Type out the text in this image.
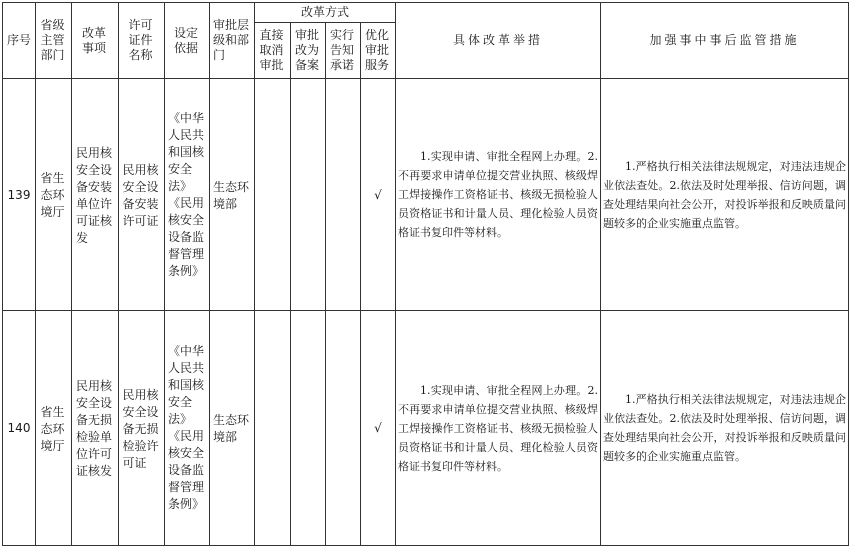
序号	省级主管部门	改革事项	许可证件名称	设定依据	审批层级和部门	改革方式				具体改革举措	加强事中事后监管措施
						直接取消审批	审批改为备案	实行告知承诺	优化审批服务		
139	省生态环境厅	民用核安全设备安装单位许可证核发	民用核安全设备安装许可证	《中华人民共和国核安全法》《民用核安全设备监督管理条例》	生态环境部				√	1.实现申请、审批全程网上办理。2.不再要求申请单位提交营业执照、核级焊工焊接操作工资格证书、核级无损检验人员资格证书和计量人员、理化检验人员资格证书复印件等材料。	1.严格执行相关法律法规规定，对违法违规企业依法查处。2.依法及时处理举报、信访问题，调查处理结果向社会公开，对投诉举报和反映质量问题较多的企业实施重点监管。
140	省生态环境厅	民用核安全设备无损检验单位许可证核发	民用核安全设备无损检验许可证	《中华人民共和国核安全法》《民用核安全设备监督管理条例》	生态环境部				√	1.实现申请、审批全程网上办理。2.不再要求申请单位提交营业执照、核级焊工焊接操作工资格证书、核级无损检验人员资格证书和计量人员、理化检验人员资格证书复印件等材料。	1.严格执行相关法律法规规定，对违法违规企业依法查处。2.依法及时处理举报、信访问题，调查处理结果向社会公开，对投诉举报和反映质量问题较多的企业实施重点监管。
